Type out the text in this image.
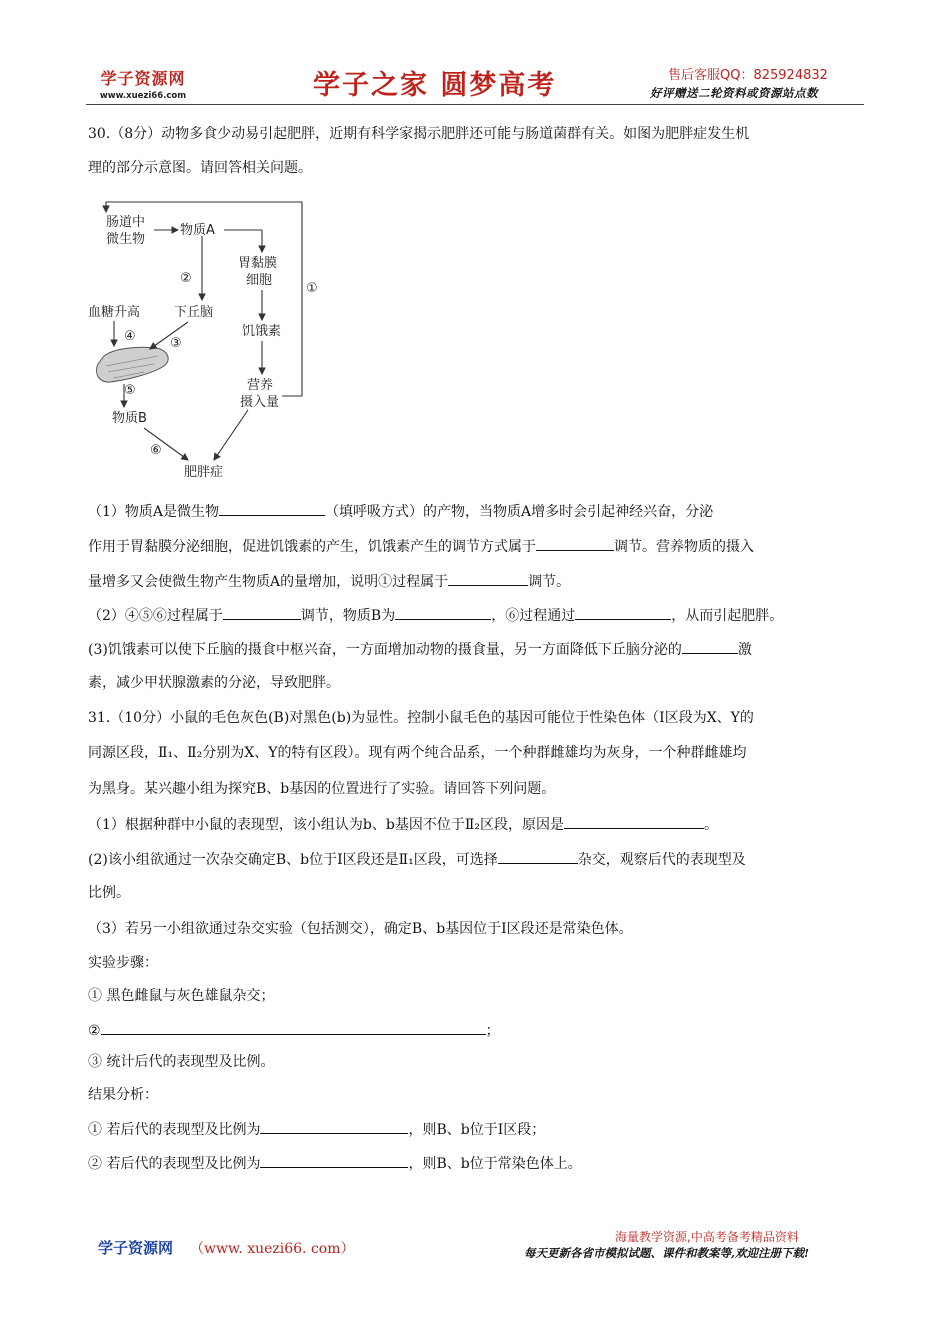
学子资源网
www.xuezi66.com	学子之家 圆梦高考	售后客服QQ：825924832
好评赠送二轮资料或资源站点数
30.（8分）动物多食少动易引起肥胖，近期有科学家揭示肥胖还可能与肠道菌群有关。如图为肥胖症发生机
理的部分示意图。请回答相关问题。
肠道中
微生物
物质A
胃黏膜
细胞
饥饿素
营养
摄入量
下丘脑
血糖升高
物质B
肥胖症
②
①
④	③
⑤
⑥
（1）物质A是微生物	（填呼吸方式）的产物，当物质A增多时会引起神经兴奋，分泌
作用于胃黏膜分泌细胞，促进饥饿素的产生，饥饿素产生的调节方式属于	调节。营养物质的摄入
量增多又会使微生物产生物质A的量增加，说明①过程属于	调节。
（2）④⑤⑥过程属于	调节，物质B为	，⑥过程通过	，从而引起肥胖。
(3)饥饿素可以使下丘脑的摄食中枢兴奋，一方面增加动物的摄食量，另一方面降低下丘脑分泌的	激
素，减少甲状腺激素的分泌，导致肥胖。
31.（10分）小鼠的毛色灰色(B)对黑色(b)为显性。控制小鼠毛色的基因可能位于性染色体（Ⅰ区段为X、Y的
同源区段，Ⅱ₁、Ⅱ₂分别为X、Y的特有区段）。现有两个纯合品系，一个种群雌雄均为灰身，一个种群雌雄均
为黑身。某兴趣小组为探究B、b基因的位置进行了实验。请回答下列问题。
（1）根据种群中小鼠的表现型，该小组认为b、b基因不位于Ⅱ₂区段，原因是	。
(2)该小组欲通过一次杂交确定B、b位于Ⅰ区段还是Ⅱ₁区段，可选择	杂交，观察后代的表现型及
比例。
（3）若另一小组欲通过杂交实验（包括测交），确定B、b基因位于Ⅰ区段还是常染色体。
实验步骤：
① 黑色雌鼠与灰色雄鼠杂交；
②	；
③ 统计后代的表现型及比例。
结果分析：
① 若后代的表现型及比例为	，则B、b位于Ⅰ区段；
② 若后代的表现型及比例为	，则B、b位于常染色体上。
学子资源网 （www. xuezi66. com）
海量教学资源,中高考备考精品资料
每天更新各省市模拟试题、课件和教案等,欢迎注册下载!
